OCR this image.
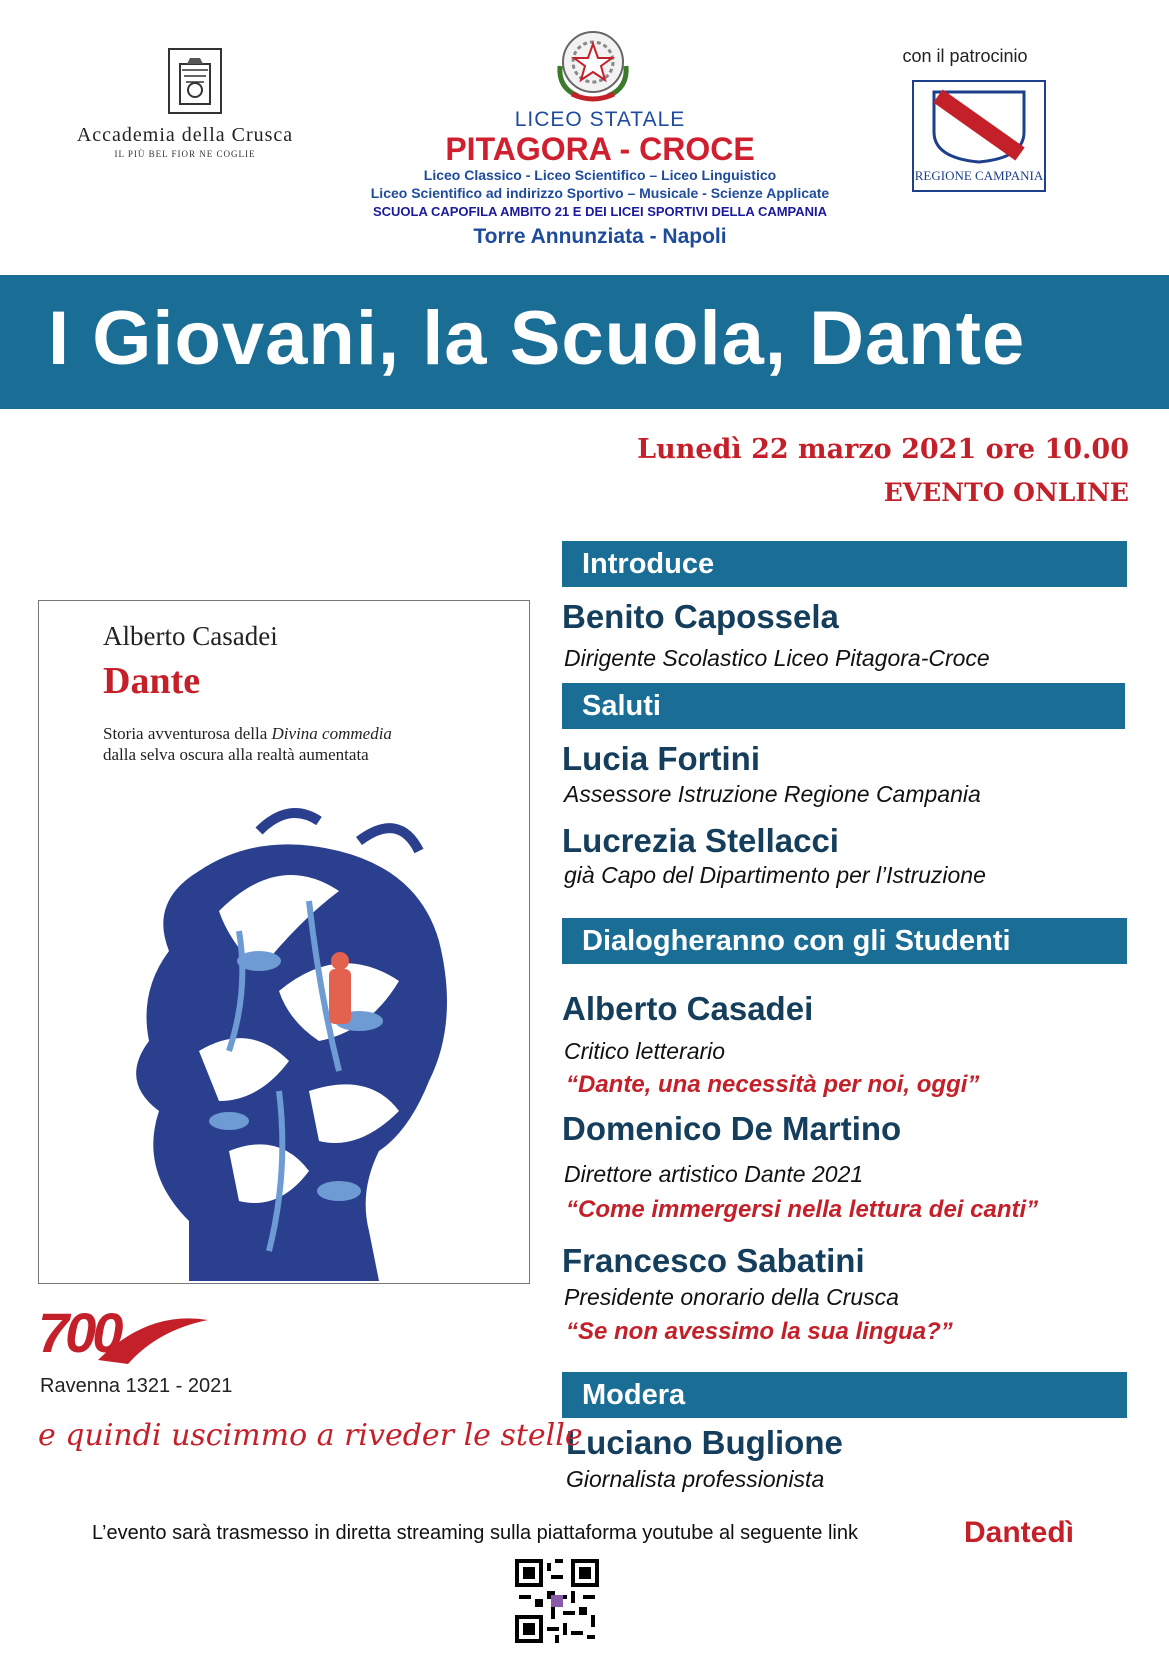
Accademia della Crusca
IL PIÙ BEL FIOR NE COGLIE
LICEO STATALE
PITAGORA - CROCE
Liceo Classico - Liceo Scientifico – Liceo Linguistico
Liceo Scientifico ad indirizzo Sportivo – Musicale - Scienze Applicate
SCUOLA CAPOFILA AMBITO 21 E DEI LICEI SPORTIVI DELLA CAMPANIA
Torre Annunziata - Napoli
con il patrocinio
REGIONE CAMPANIA
I Giovani, la Scuola, Dante
Lunedì 22 marzo 2021 ore 10.00
EVENTO ONLINE
Introduce
Benito Capossela
Dirigente Scolastico Liceo Pitagora-Croce
Saluti
Lucia Fortini
Assessore Istruzione Regione Campania
Lucrezia Stellacci
già Capo del Dipartimento per l’Istruzione
Dialogheranno con gli Studenti
Alberto Casadei
Critico letterario
“Dante, una necessità per noi, oggi”
Domenico De Martino
Direttore artistico Dante 2021
“Come immergersi nella lettura dei canti”
Francesco Sabatini
Presidente onorario della Crusca
“Se non avessimo la sua lingua?”
Modera
Luciano Buglione
Giornalista professionista
Alberto Casadei
Dante
Storia avventurosa della Divina commedia
dalla selva oscura alla realtà aumentata
700
Ravenna 1321 - 2021
e quindi uscimmo a riveder le stelle
L’evento sarà trasmesso in diretta streaming sulla piattaforma youtube al seguente link	Dantedì
